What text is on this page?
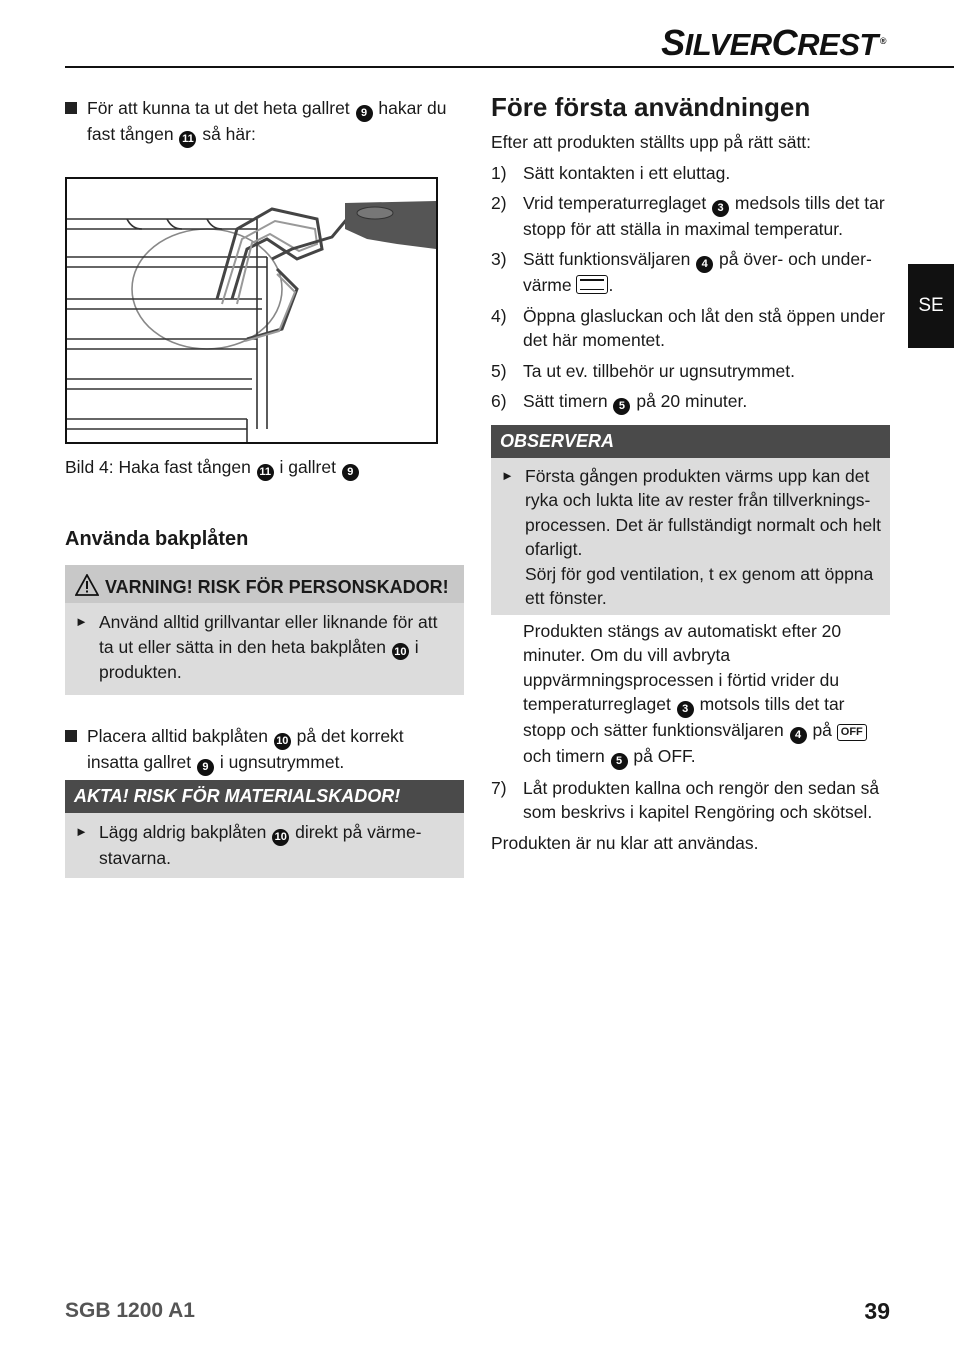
SILVERCREST ®
SE
För att kunna ta ut det heta gallret 9 hakar du fast tången 11 så här:
Bild 4: Haka fast tången 11 i gallret 9
Använda bakplåten
VARNING! RISK FÖR PERSONSKADOR!
► Använd alltid grillvantar eller liknande för att ta ut eller sätta in den heta bakplåten 10 i produkten.
Placera alltid bakplåten 10 på det korrekt insatta gallret 9 i ugnsutrymmet.
AKTA! RISK FÖR MATERIALSKADOR!
► Lägg aldrig bakplåten 10 direkt på värme-stavarna.
Före första användningen
Efter att produkten ställts upp på rätt sätt:
1) Sätt kontakten i ett eluttag.
2) Vrid temperaturreglaget 3 medsols tills det tar stopp för att ställa in maximal temperatur.
3) Sätt funktionsväljaren 4 på över- och under-värme .
4) Öppna glasluckan och låt den stå öppen under det här momentet.
5) Ta ut ev. tillbehör ur ugnsutrymmet.
6) Sätt timern 5 på 20 minuter.
OBSERVERA
► Första gången produkten värms upp kan det ryka och lukta lite av rester från tillverknings-processen. Det är fullständigt normalt och helt ofarligt.
Sörj för god ventilation, t ex genom att öppna ett fönster.
Produkten stängs av automatiskt efter 20 minuter. Om du vill avbryta uppvärmningsprocessen i förtid vrider du temperaturreglaget 3 motsols tills det tar stopp och sätter funktionsväljaren 4 på OFF och timern 5 på OFF.
7) Låt produkten kallna och rengör den sedan så som beskrivs i kapitel Rengöring och skötsel.
Produkten är nu klar att användas.
SGB 1200 A1	39
